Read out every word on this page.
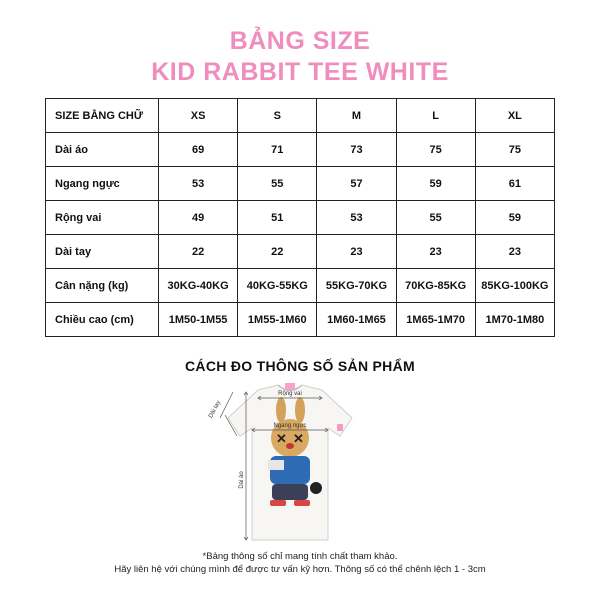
BẢNG SIZE
KID RABBIT TEE WHITE
SIZE BẰNG CHỮ	XS	S	M	L	XL
Dài áo	69	71	73	75	75
Ngang ngực	53	55	57	59	61
Rộng vai	49	51	53	55	59
Dài tay	22	22	23	23	23
Cân nặng (kg)	30KG-40KG	40KG-55KG	55KG-70KG	70KG-85KG	85KG-100KG
Chiều cao (cm)	1M50-1M55	1M55-1M60	1M60-1M65	1M65-1M70	1M70-1M80
CÁCH ĐO THÔNG SỐ SẢN PHẨM
✕ ✕
Rộng vai
Ngang ngực
Dài áo
Dài tay
*Bảng thông số chỉ mang tính chất tham khảo.
Hãy liên hệ với chúng mình để được tư vấn kỹ hơn. Thông số có thể chênh lệch 1 - 3cm
